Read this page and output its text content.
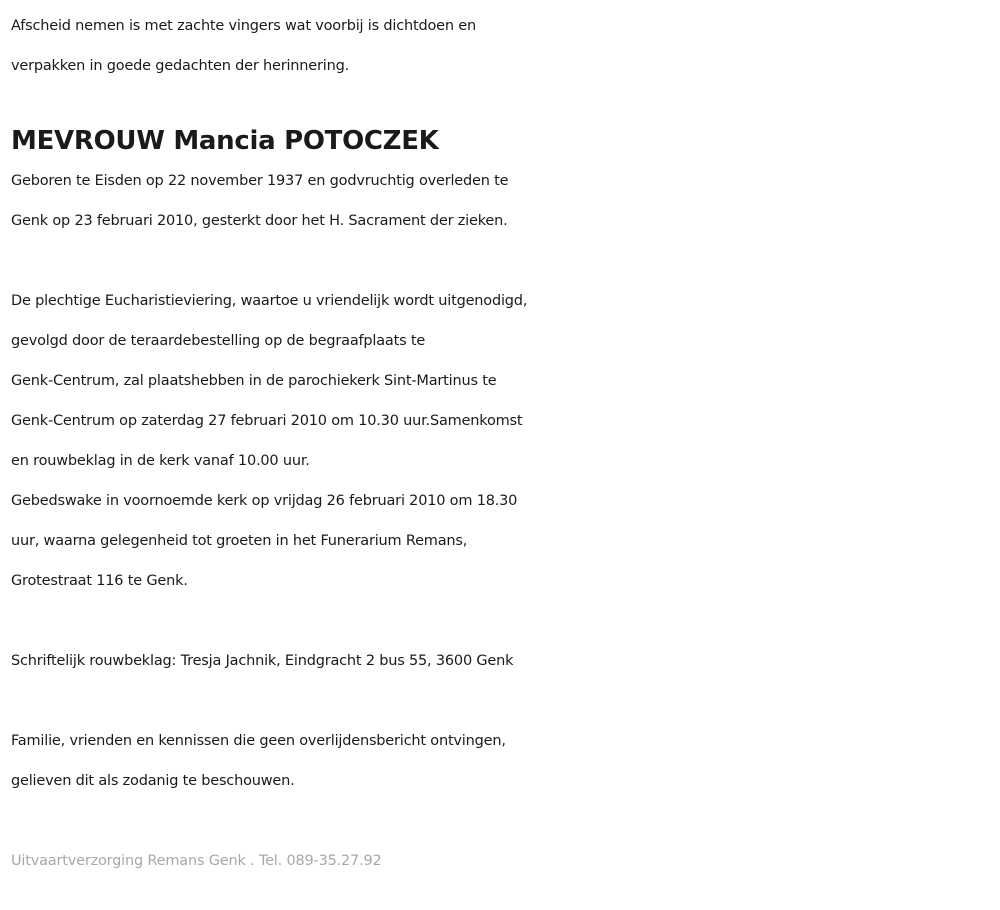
Afscheid nemen is met zachte vingers wat voorbij is dichtdoen en
verpakken in goede gedachten der herinnering.
MEVROUW Mancia POTOCZEK
Geboren te Eisden op 22 november 1937 en godvruchtig overleden te
Genk op 23 februari 2010, gesterkt door het H. Sacrament der zieken.
De plechtige Eucharistieviering, waartoe u vriendelijk wordt uitgenodigd,
gevolgd door de teraardebestelling op de begraafplaats te
Genk-Centrum, zal plaatshebben in de parochiekerk Sint-Martinus te
Genk-Centrum op zaterdag 27 februari 2010 om 10.30 uur.Samenkomst
en rouwbeklag in de kerk vanaf 10.00 uur.
Gebedswake in voornoemde kerk op vrijdag 26 februari 2010 om 18.30
uur, waarna gelegenheid tot groeten in het Funerarium Remans,
Grotestraat 116 te Genk.
Schriftelijk rouwbeklag: Tresja Jachnik, Eindgracht 2 bus 55, 3600 Genk
Familie, vrienden en kennissen die geen overlijdensbericht ontvingen,
gelieven dit als zodanig te beschouwen.
Uitvaartverzorging Remans Genk . Tel. 089-35.27.92
